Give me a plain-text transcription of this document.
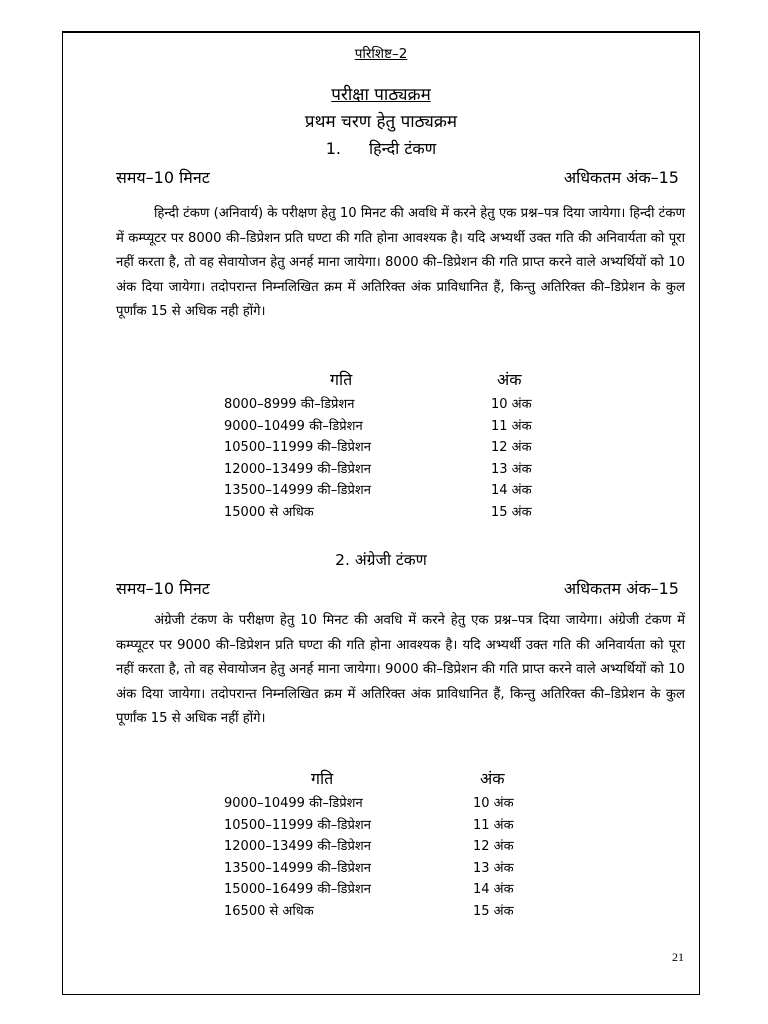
परिशिष्ट–2
परीक्षा पाठ्यक्रम
प्रथम चरण हेतु पाठ्यक्रम
1. हिन्दी टंकण
समय–10 मिनट	अधिकतम अंक–15

हिन्दी टंकण (अनिवार्य) के परीक्षण हेतु 10 मिनट की अवधि में करने हेतु एक प्रश्न–पत्र दिया जायेगा। हिन्दी टंकण में कम्प्यूटर पर 8000 की–डिप्रेशन प्रति घण्टा की गति होना आवश्यक है। यदि अभ्यर्थी उक्त गति की अनिवार्यता को पूरा नहीं करता है, तो वह सेवायोजन हेतु अनर्ह माना जायेगा। 8000 की–डिप्रेशन की गति प्राप्त करने वाले अभ्यर्थियों को 10 अंक दिया जायेगा। तदोपरान्त निम्नलिखित क्रम में अतिरिक्त अंक प्राविधानित हैं, किन्तु अतिरिक्त की–डिप्रेशन के कुल पूर्णांक 15 से अधिक नही होंगे।

गति	अंक
8000–8999 की–डिप्रेशन	10 अंक
9000–10499 की–डिप्रेशन	11 अंक
10500–11999 की–डिप्रेशन	12 अंक
12000–13499 की–डिप्रेशन	13 अंक
13500–14999 की–डिप्रेशन	14 अंक
15000 से अधिक	15 अंक
2. अंग्रेजी टंकण
समय–10 मिनट	अधिकतम अंक–15

अंग्रेजी टंकण के परीक्षण हेतु 10 मिनट की अवधि में करने हेतु एक प्रश्न–पत्र दिया जायेगा। अंग्रेजी टंकण में कम्प्यूटर पर 9000 की–डिप्रेशन प्रति घण्टा की गति होना आवश्यक है। यदि अभ्यर्थी उक्त गति की अनिवार्यता को पूरा नहीं करता है, तो वह सेवायोजन हेतु अनर्ह माना जायेगा। 9000 की–डिप्रेशन की गति प्राप्त करने वाले अभ्यर्थियों को 10 अंक दिया जायेगा। तदोपरान्त निम्नलिखित क्रम में अतिरिक्त अंक प्राविधानित हैं, किन्तु अतिरिक्त की–डिप्रेशन के कुल पूर्णांक 15 से अधिक नहीं होंगे।

गति	अंक
9000–10499 की–डिप्रेशन	10 अंक
10500–11999 की–डिप्रेशन	11 अंक
12000–13499 की–डिप्रेशन	12 अंक
13500–14999 की–डिप्रेशन	13 अंक
15000–16499 की–डिप्रेशन	14 अंक
16500 से अधिक	15 अंक
21
